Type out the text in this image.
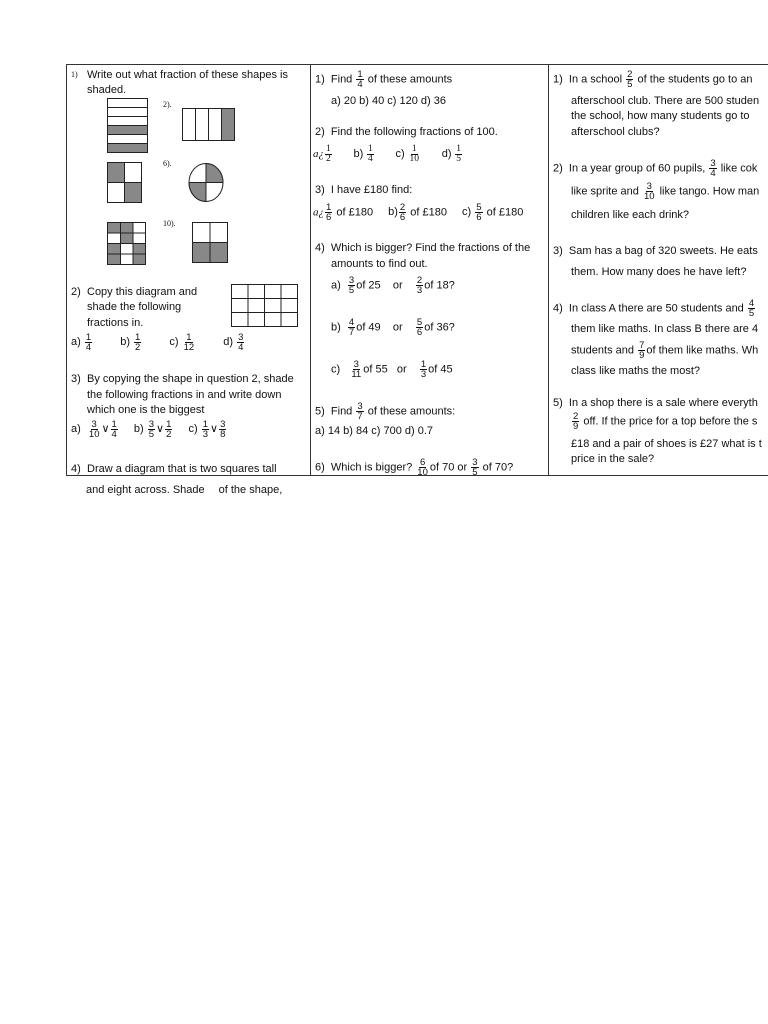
1) Write out what fraction of these shapes is
shaded.
2).
6).
10).
2) Copy this diagram and
shade the following
fractions in.
$a) \frac{1}{4}$	$b) \frac{1}{2}$	$c) \frac{1}{12}$	$d) \frac{3}{4}$
3) By copying the shape in question 2, shade
the following fractions in and write down
which one is the biggest
$a) \frac{3}{10}$ ∨ $\frac{1}{4} b) \frac{3}{5}$ ∨ $\frac{1}{2} c) \frac{1}{3}$ ∨ $\frac{3}{8}$
4) Draw a diagram that is two squares tall
1) Find $\frac{1}{4}$ of these amounts
a) 20 b) 40 c) 120 d) 36
2) Find the following fractions of 100.
a¿ $\frac{1}{2} b) \frac{1}{4} c) \frac{1}{10} d) \frac{1}{5}$
3) I have £180 find:
a¿ $\frac{1}{6}$ of £180 $b) \frac{2}{6}$ of £180 $c) \frac{5}{6}$ of £180
4) Which is bigger? Find the fractions of the
amounts to find out.
$a) \frac{3}{5}$ of 25 or $\frac{2}{3}$ of 18?
$b) \frac{4}{7}$ of 49 or $\frac{5}{6}$ of 36?
$c) \frac{3}{11}$ of 55 or $\frac{1}{3}$ of 45
5) Find $\frac{3}{7}$ of these amounts:
a) 14 b) 84 c) 700 d) 0.7
6) Which is bigger? $\frac{6}{10}$ of 70 or $\frac{3}{5}$ of 70?
1) In a school $\frac{2}{5}$ of the students go to an
afterschool club. There are 500 studen
the school, how many students go to
afterschool clubs?
2) In a year group of 60 pupils, $\frac{3}{4}$ like cok
like sprite and $\frac{3}{10}$ like tango. How man
children like each drink?
3) Sam has a bag of 320 sweets. He eats
them. How many does he have left?
4) In class A there are 50 students and $\frac{4}{5}$
them like maths. In class B there are 4
students and $\frac{7}{9}$ of them like maths. Wh
class like maths the most?
5) In a shop there is a sale where everyth
$\frac{2}{9}$ off. If the price for a top before the s
£18 and a pair of shoes is £27 what is t
price in the sale?
and eight across. Shade of the shape,
